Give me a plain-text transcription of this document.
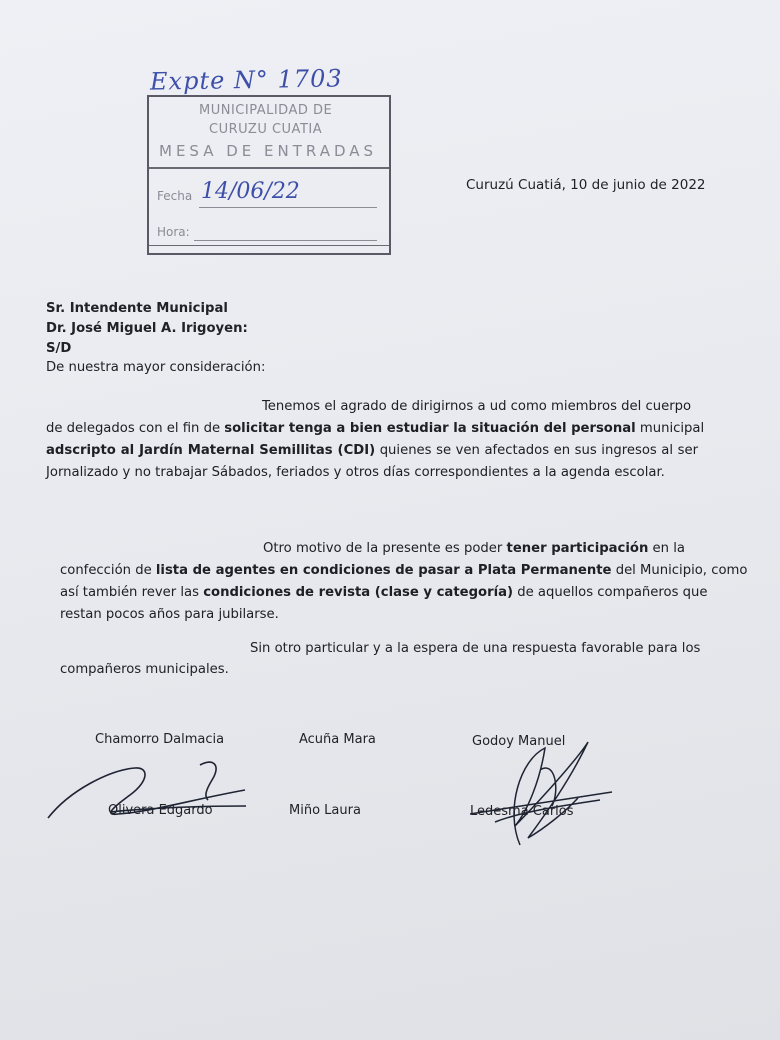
Expte N° 1703
MUNICIPALIDAD DE
CURUZU CUATIA
MESA DE ENTRADAS
Fecha 14/06/22
Hora:
Curuzú Cuatiá, 10 de junio de 2022
Sr. Intendente Municipal
Dr. José Miguel A. Irigoyen:
S/D
De nuestra mayor consideración:
Tenemos el agrado de dirigirnos a ud como miembros del cuerpo
de delegados con el fin de solicitar tenga a bien estudiar la situación del personal municipal
adscripto al Jardín Maternal Semillitas (CDI) quienes se ven afectados en sus ingresos al ser
Jornalizado y no trabajar Sábados, feriados y otros días correspondientes a la agenda escolar.
Otro motivo de la presente es poder tener participación en la
confección de lista de agentes en condiciones de pasar a Plata Permanente del Municipio, como
así también rever las condiciones de revista (clase y categoría) de aquellos compañeros que
restan pocos años para jubilarse.
Sin otro particular y a la espera de una respuesta favorable para los
compañeros municipales.
Chamorro Dalmacia	Acuña Mara	Godoy Manuel
Olivera Edgardo	Miño Laura	Ledesma Carlos
